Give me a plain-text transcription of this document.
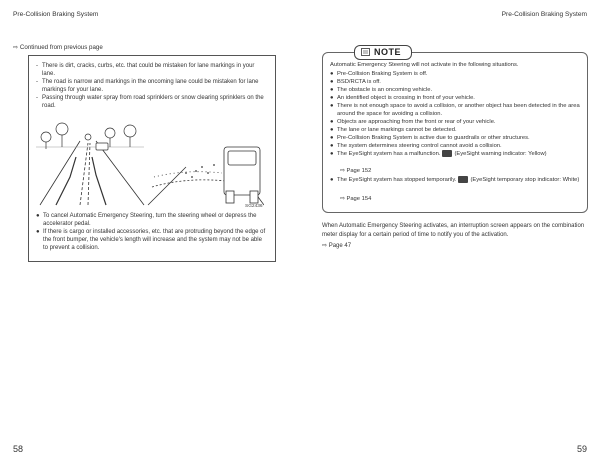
Pre-Collision Braking System	Pre-Collision Braking System
⇨ Continued from previous page
- There is dirt, cracks, curbs, etc. that could be mistaken for lane markings in your lane.
- The road is narrow and markings in the oncoming lane could be mistaken for lane markings for your lane.
- Passing through water spray from road sprinklers or snow clearing sprinklers on the road.
SG2436
● To cancel Automatic Emergency Steering, turn the steering wheel or depress the accelerator pedal.
● If there is cargo or installed accessories, etc. that are protruding beyond the edge of the front bumper, the vehicle's length will increase and the system may not be able to prevent a collision.
NOTE
Automatic Emergency Steering will not activate in the following situations.
● Pre-Collision Braking System is off.
● BSD/RCTA is off.
● The obstacle is an oncoming vehicle.
● An identified object is crossing in front of your vehicle.
● There is not enough space to avoid a collision, or another object has been detected in the area around the space for avoiding a collision.
● Objects are approaching from the front or rear of your vehicle.
● The lane or lane markings cannot be detected.
● Pre-Collision Braking System is active due to guardrails or other structures.
● The system determines steering control cannot avoid a collision.
● The EyeSight system has a malfunction. (EyeSight warning indicator: Yellow)
⇨ Page 152
● The EyeSight system has stopped temporarily. (EyeSight temporary stop indicator: White)
⇨ Page 154
When Automatic Emergency Steering activates, an interruption screen appears on the combination meter display for a certain period of time to notify you of the activation.
⇨ Page 47
58	59
